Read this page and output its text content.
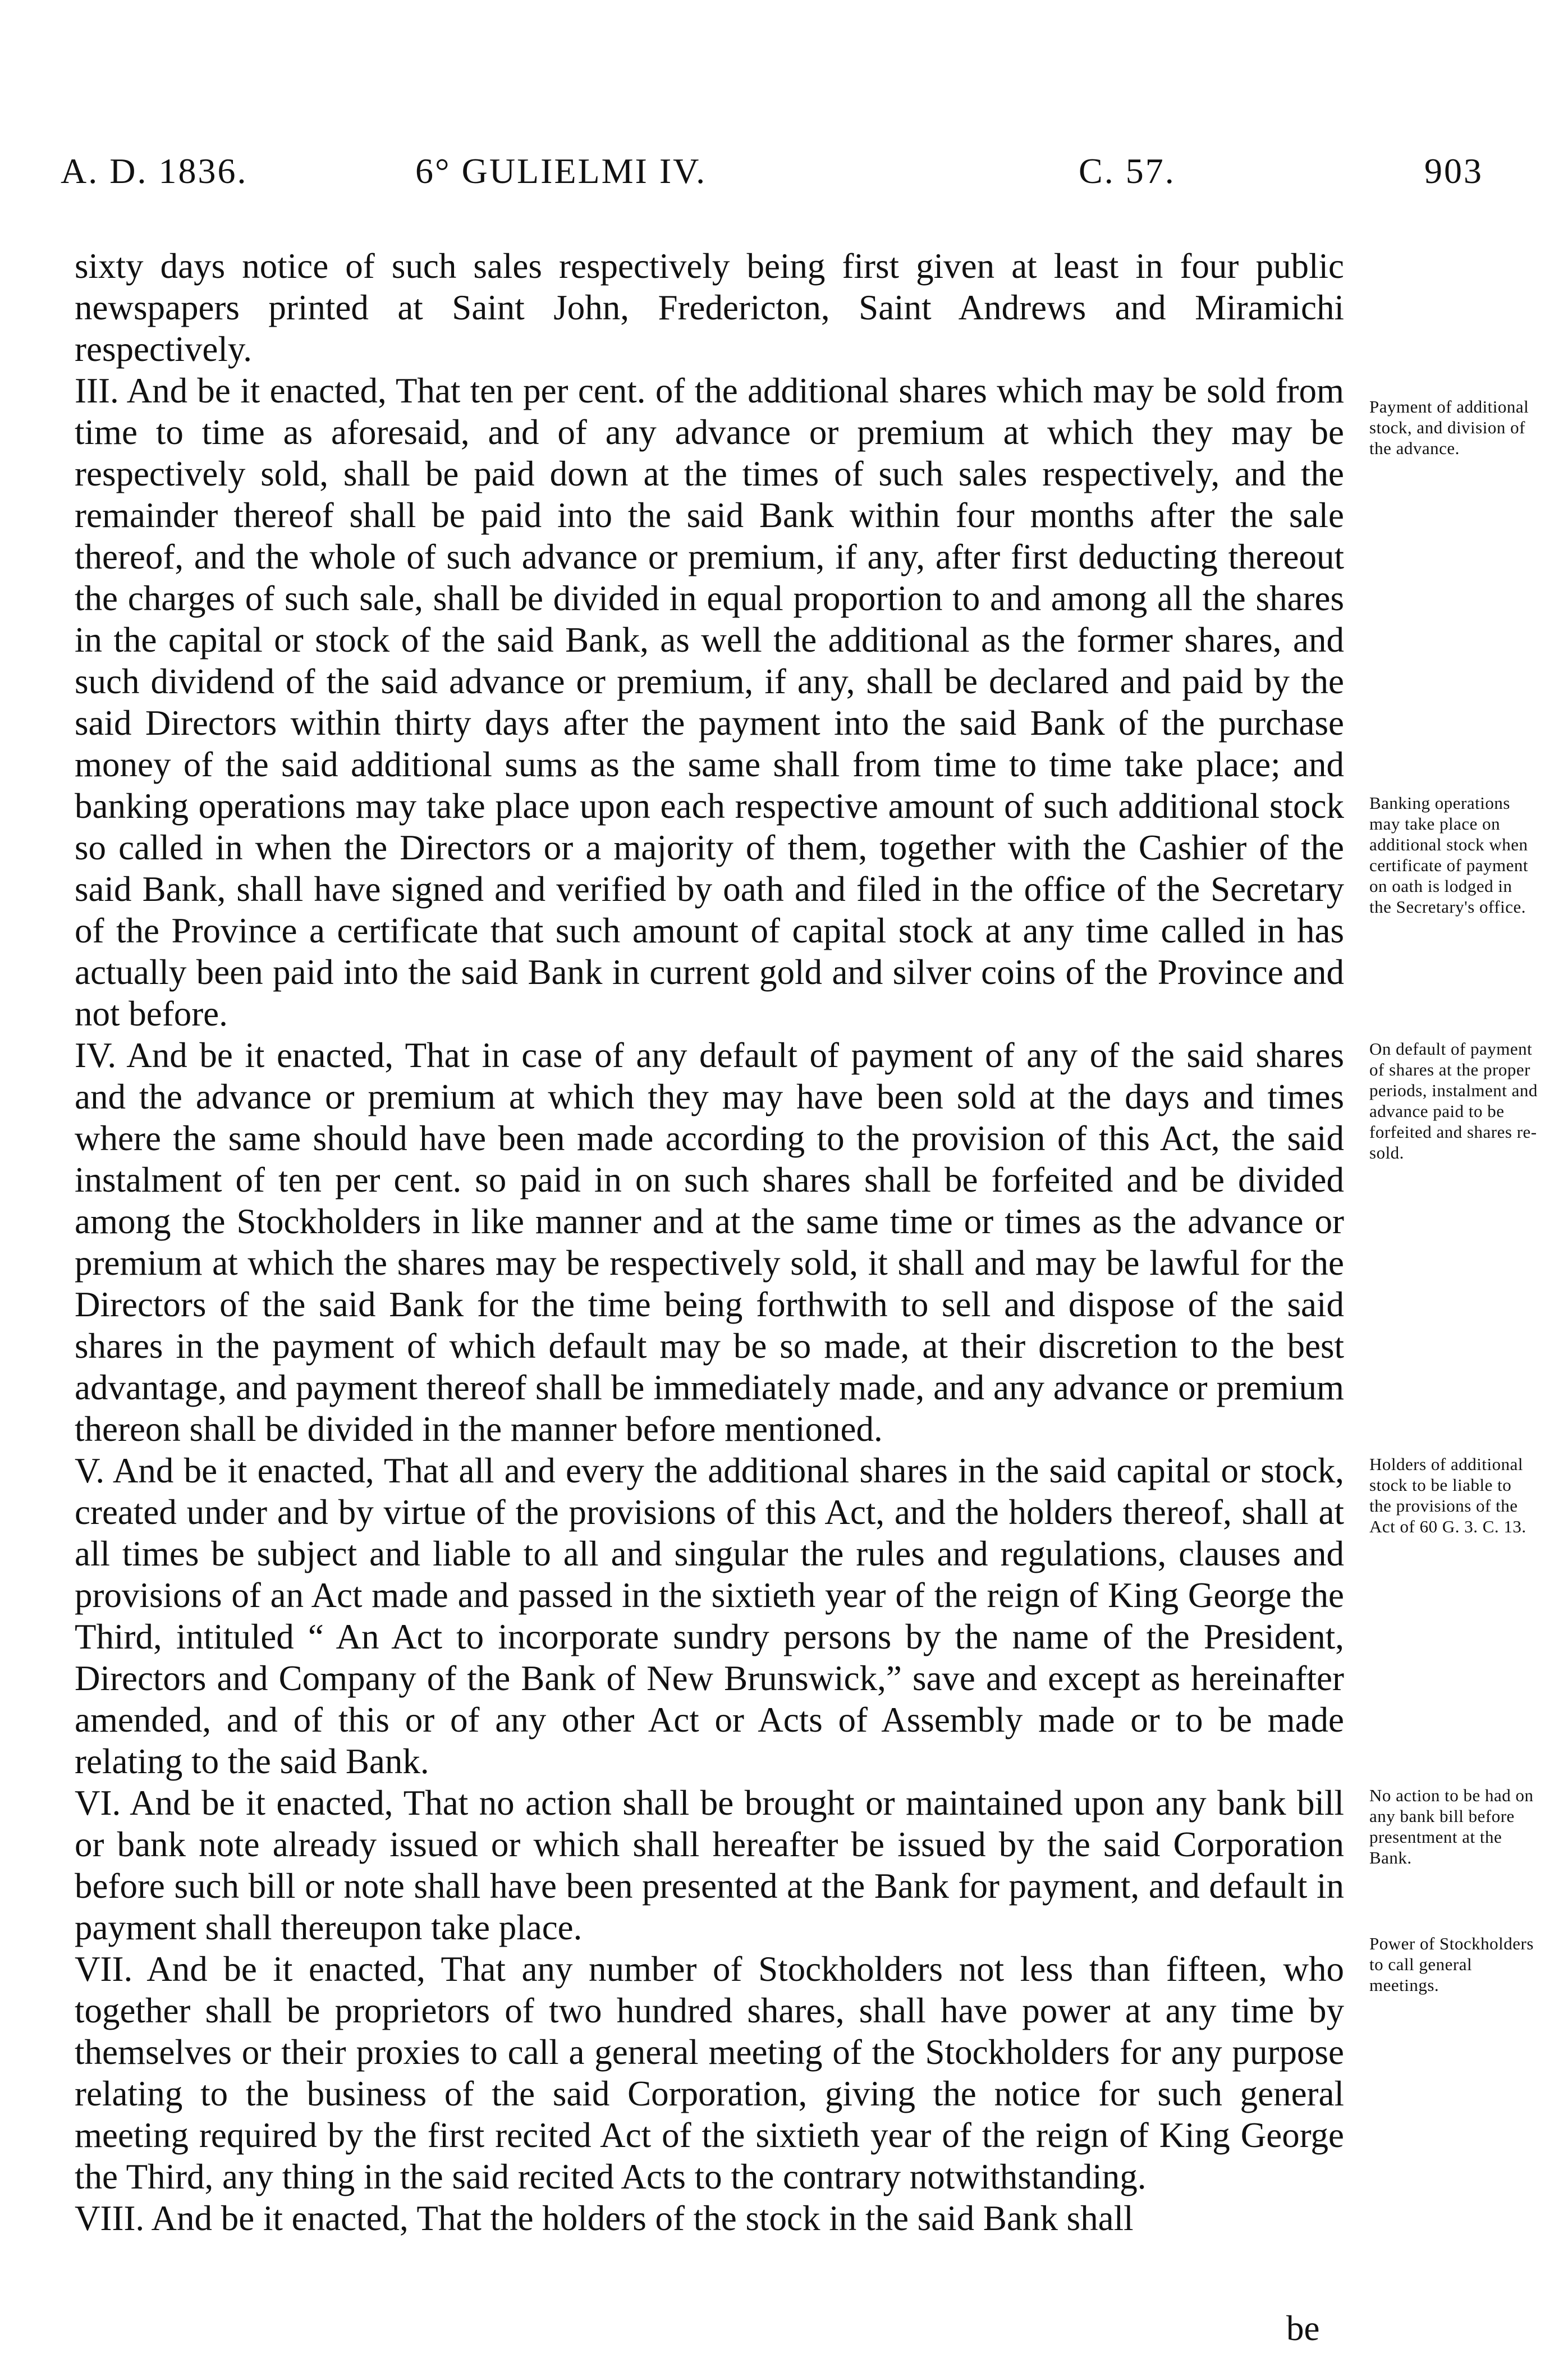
A. D. 1836.	6° GULIELMI IV.	C. 57.	903

sixty days notice of such sales respectively being first given at least in four public newspapers printed at Saint John, Fredericton, Saint Andrews and Miramichi respectively.

III. And be it enacted, That ten per cent. of the additional shares which may be sold from time to time as aforesaid, and of any advance or premium at which they may be respectively sold, shall be paid down at the times of such sales respectively, and the remainder thereof shall be paid into the said Bank within four months after the sale thereof, and the whole of such advance or premium, if any, after first deducting thereout the charges of such sale, shall be divided in equal proportion to and among all the shares in the capital or stock of the said Bank, as well the additional as the former shares, and such dividend of the said advance or premium, if any, shall be declared and paid by the said Directors within thirty days after the payment into the said Bank of the purchase money of the said additional sums as the same shall from time to time take place; and banking operations may take place upon each respective amount of such additional stock so called in when the Directors or a majority of them, together with the Cashier of the said Bank, shall have signed and verified by oath and filed in the office of the Secretary of the Province a certificate that such amount of capital stock at any time called in has actually been paid into the said Bank in current gold and silver coins of the Province and not before.

IV. And be it enacted, That in case of any default of payment of any of the said shares and the advance or premium at which they may have been sold at the days and times where the same should have been made according to the provision of this Act, the said instalment of ten per cent. so paid in on such shares shall be forfeited and be divided among the Stockholders in like manner and at the same time or times as the advance or premium at which the shares may be respectively sold, it shall and may be lawful for the Directors of the said Bank for the time being forthwith to sell and dispose of the said shares in the payment of which default may be so made, at their discretion to the best advantage, and payment thereof shall be immediately made, and any advance or premium thereon shall be divided in the manner before mentioned.

V. And be it enacted, That all and every the additional shares in the said capital or stock, created under and by virtue of the provisions of this Act, and the holders thereof, shall at all times be subject and liable to all and singular the rules and regulations, clauses and provisions of an Act made and passed in the sixtieth year of the reign of King George the Third, intituled “ An Act to incorporate sundry persons by the name of the President, Directors and Company of the Bank of New Brunswick,” save and except as hereinafter amended, and of this or of any other Act or Acts of Assembly made or to be made relating to the said Bank.

VI. And be it enacted, That no action shall be brought or maintained upon any bank bill or bank note already issued or which shall hereafter be issued by the said Corporation before such bill or note shall have been presented at the Bank for payment, and default in payment shall thereupon take place.

VII. And be it enacted, That any number of Stockholders not less than fifteen, who together shall be proprietors of two hundred shares, shall have power at any time by themselves or their proxies to call a general meeting of the Stockholders for any purpose relating to the business of the said Corporation, giving the notice for such general meeting required by the first recited Act of the sixtieth year of the reign of King George the Third, any thing in the said recited Acts to the contrary notwithstanding.

VIII. And be it enacted, That the holders of the stock in the said Bank shall

be
Payment of additional stock, and division of the advance.
Banking operations may take place on additional stock when certificate of payment on oath is lodged in the Secretary's office.
On default of payment of shares at the proper periods, instalment and advance paid to be forfeited and shares re-sold.
Holders of additional stock to be liable to the provisions of the Act of 60 G. 3. C. 13.
No action to be had on any bank bill before presentment at the Bank.
Power of Stockholders to call general meetings.
